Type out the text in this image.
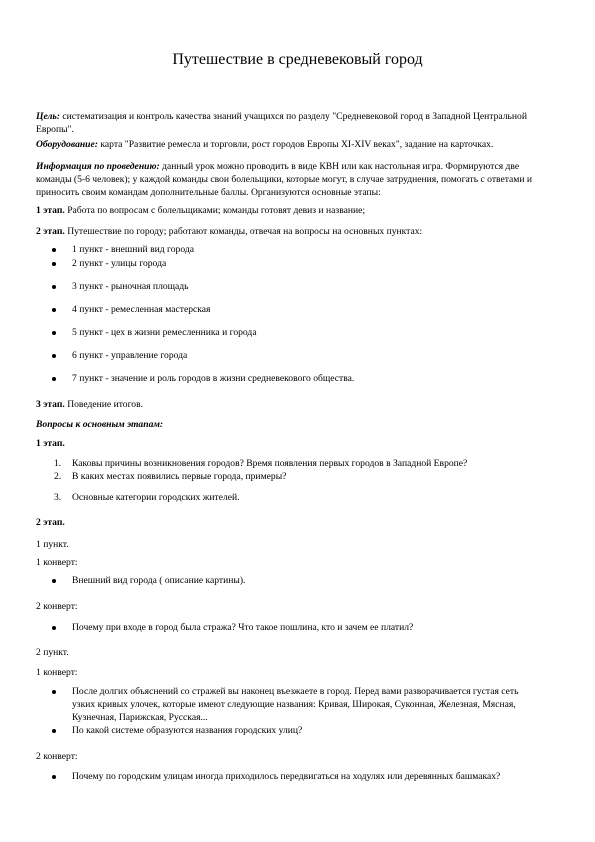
Путешествие в средневековый город
Цель: систематизация и контроль качества знаний учащихся по разделу "Средневековой город в Западной Центральной
Европы".
Оборудование: карта "Развитие ремесла и торговли, рост городов Европы XI-XIV веках", задание на карточках.
Информация по проведению: данный урок можно проводить в виде КВН или как настольная игра. Формируются две
команды (5-6 человек); у каждой команды свои болельщики, которые могут, в случае затруднения, помогать с ответами и
приносить своим командам дополнительные баллы. Организуются основные этапы:
1 этап. Работа по вопросам с болельщиками; команды готовят девиз и название;
2 этап. Путешествие по городу; работают команды, отвечая на вопросы на основных пунктах:
1 пункт - внешний вид города
2 пункт - улицы города
3 пункт - рыночная площадь
4 пункт - ремесленная мастерская
5 пункт - цех в жизни ремесленника и города
6 пункт - управление города
7 пункт - значение и роль городов в жизни средневекового общества.
3 этап. Поведение итогов.
Вопросы к основным этапам:
1 этап.
1. Каковы причины возникновения городов? Время появления первых городов в Западной Европе?
2. В каких местах появились первые города, примеры?
3. Основные категории городских жителей.
2 этап.
1 пункт.
1 конверт:
Внешний вид города ( описание картины).
2 конверт:
Почему при входе в город была стража? Что такое пошлина, кто и зачем ее платил?
2 пункт.
1 конверт:
После долгих объяснений со стражей вы наконец въезжаете в город. Перед вами разворачивается густая сеть
узких кривых улочек, которые имеют следующие названия: Кривая, Широкая, Суконная, Железная, Мясная,
Кузнечная, Парижская, Русская...
По какой системе образуются названия городских улиц?
2 конверт:
Почему по городским улицам иногда приходилось передвигаться на ходулях или деревянных башмаках?
